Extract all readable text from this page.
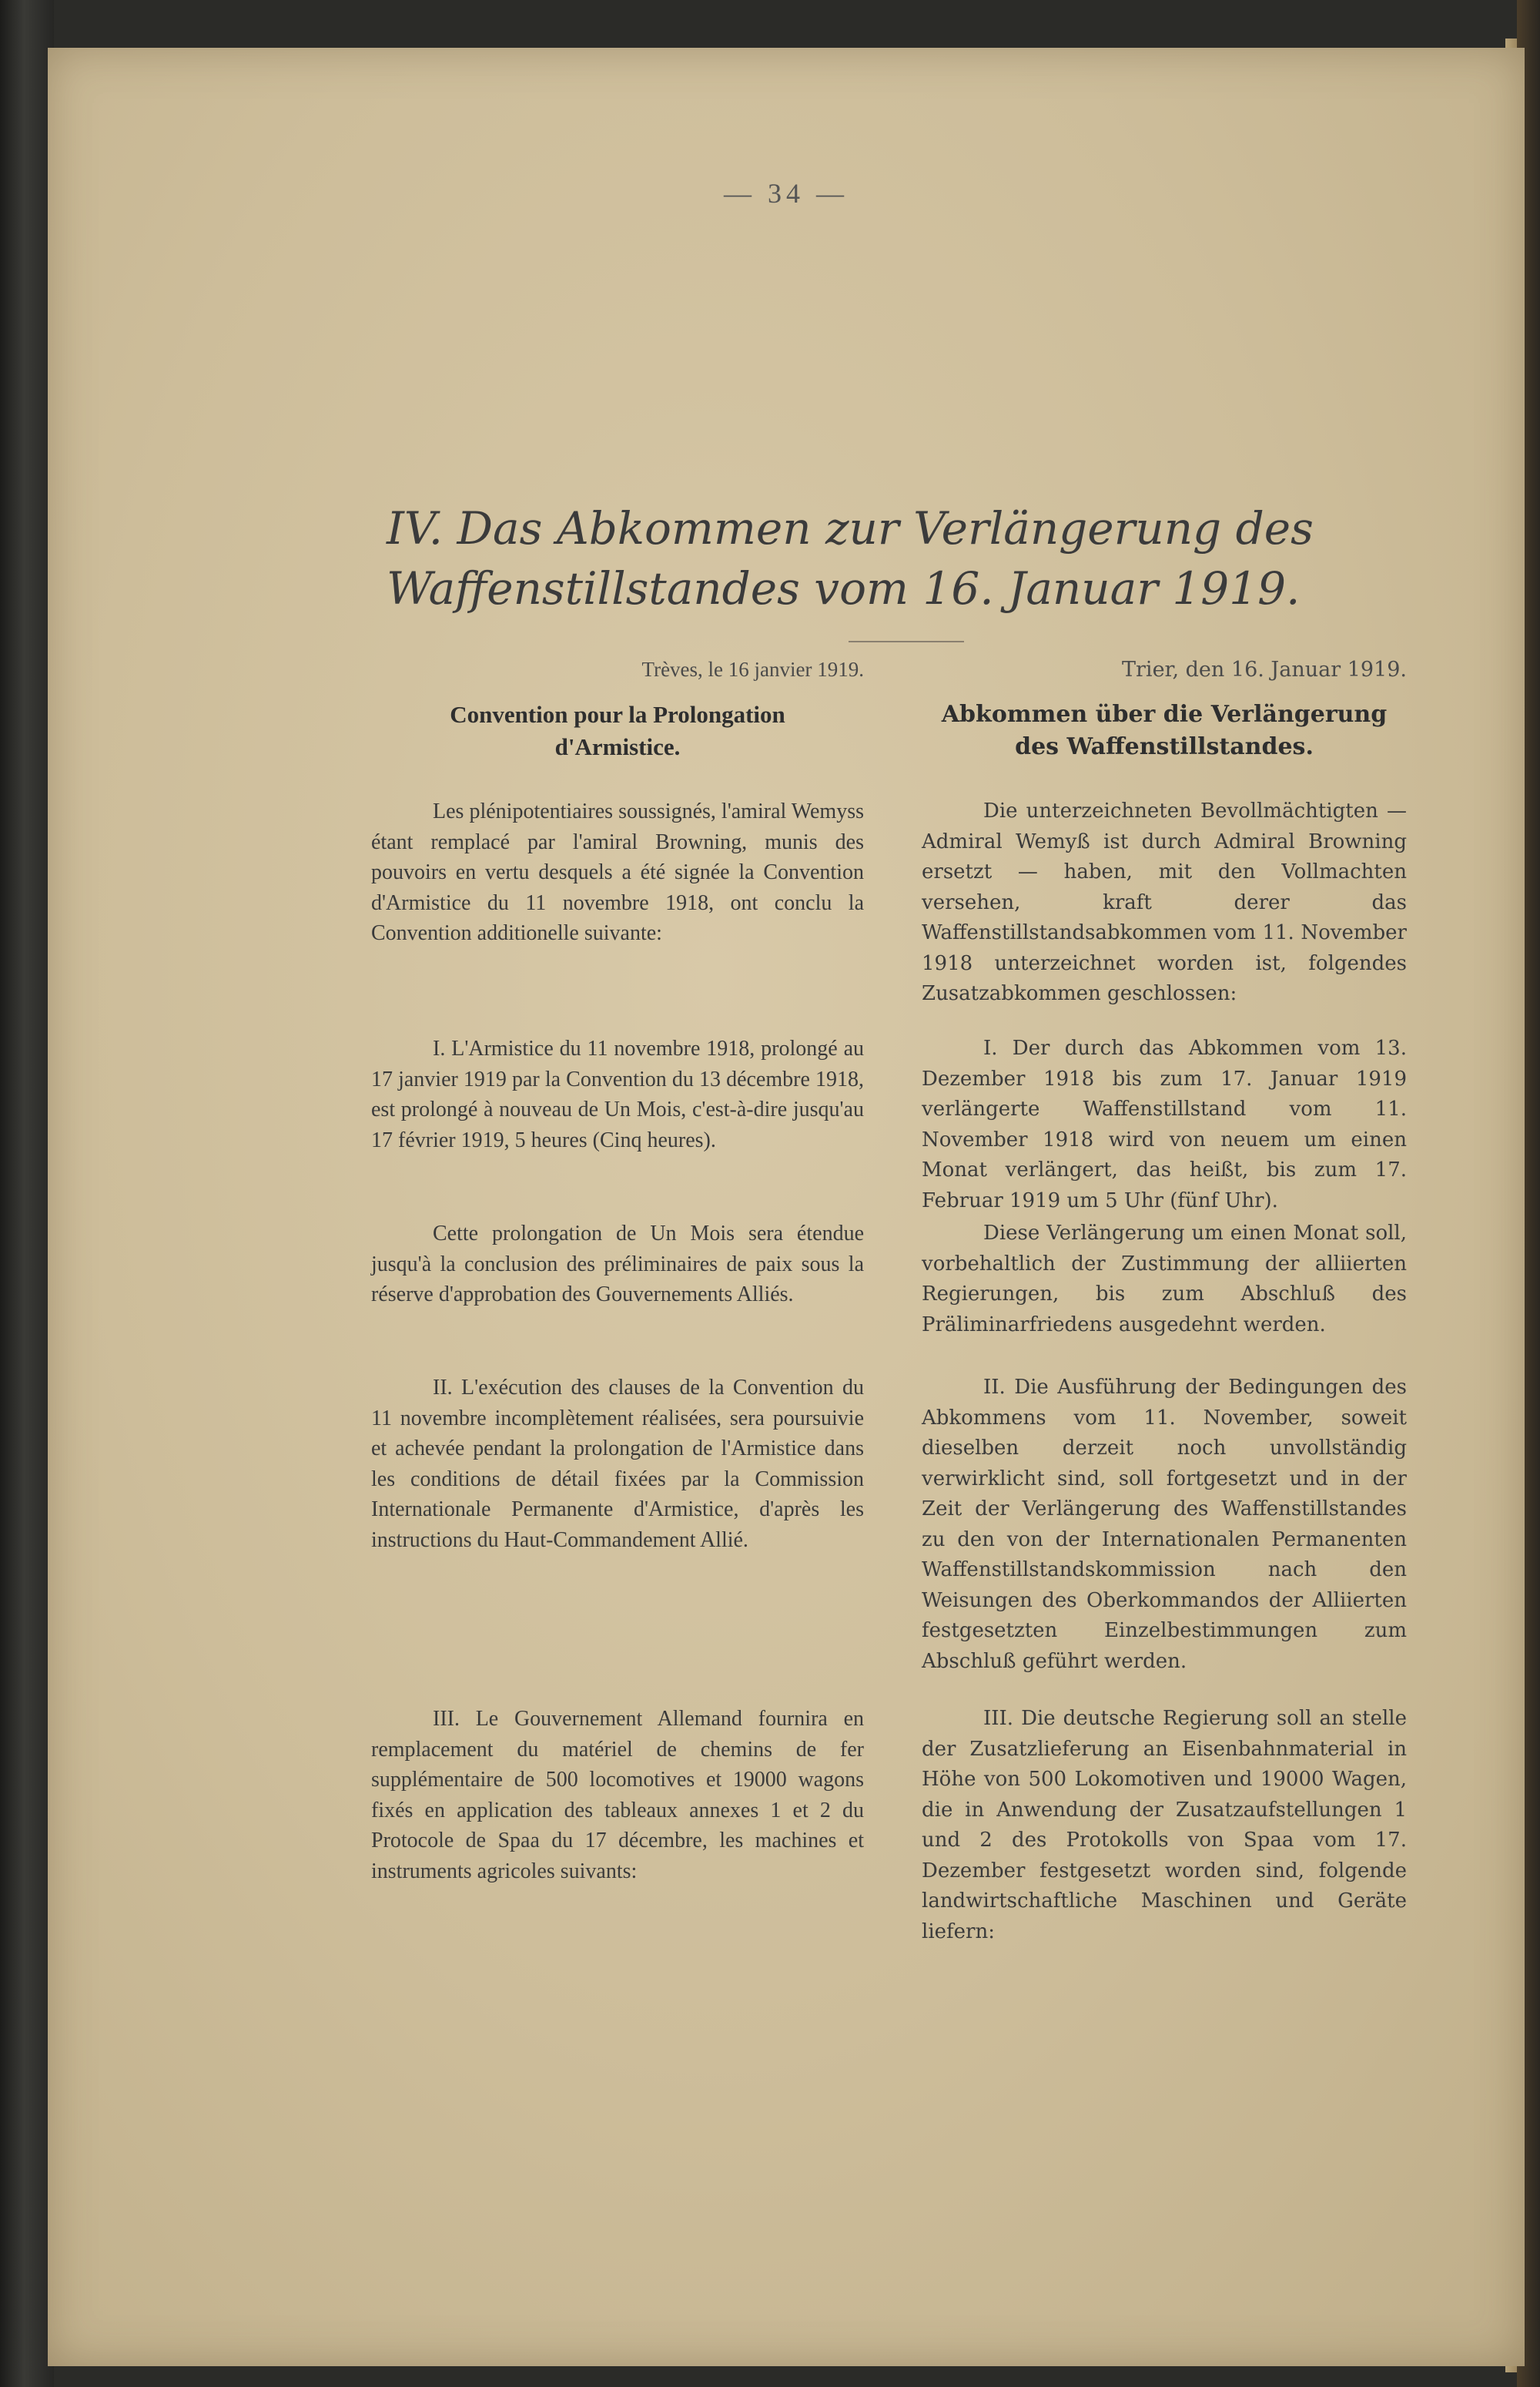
— 34 —
IV. Das Abkommen zur Verlängerung des Waffenstillstandes vom 16. Januar 1919.
Trèves, le 16 janvier 1919.
Convention pour la Prolongation d'Armistice.
Les plénipotentiaires soussignés, l'amiral Wemyss étant remplacé par l'amiral Browning, munis des pouvoirs en vertu desquels a été signée la Convention d'Armistice du 11 novembre 1918, ont conclu la Convention additionelle suivante:
I. L'Armistice du 11 novembre 1918, prolongé au 17 janvier 1919 par la Convention du 13 décembre 1918, est prolongé à nouveau de Un Mois, c'est-à-dire jusqu'au 17 février 1919, 5 heures (Cinq heures).
Cette prolongation de Un Mois sera étendue jusqu'à la conclusion des préliminaires de paix sous la réserve d'approbation des Gouvernements Alliés.
II. L'exécution des clauses de la Convention du 11 novembre incomplètement réalisées, sera poursuivie et achevée pendant la prolongation de l'Armistice dans les conditions de détail fixées par la Commission Internationale Permanente d'Armistice, d'après les instructions du Haut-Commandement Allié.
III. Le Gouvernement Allemand fournira en remplacement du matériel de chemins de fer supplémentaire de 500 locomotives et 19000 wagons fixés en application des tableaux annexes 1 et 2 du Protocole de Spaa du 17 décembre, les machines et instruments agricoles suivants:
Trier, den 16. Januar 1919.
Abkommen über die Verlängerung des Waffenstillstandes.
Die unterzeichneten Bevollmächtigten — Admiral Wemyß ist durch Admiral Browning ersetzt — haben, mit den Vollmachten versehen, kraft derer das Waffenstillstandsabkommen vom 11. November 1918 unterzeichnet worden ist, folgendes Zusatzabkommen geschlossen:
I. Der durch das Abkommen vom 13. Dezember 1918 bis zum 17. Januar 1919 verlängerte Waffenstillstand vom 11. November 1918 wird von neuem um einen Monat verlängert, das heißt, bis zum 17. Februar 1919 um 5 Uhr (fünf Uhr).
Diese Verlängerung um einen Monat soll, vorbehaltlich der Zustimmung der alliierten Regierungen, bis zum Abschluß des Präliminarfriedens ausgedehnt werden.
II. Die Ausführung der Bedingungen des Abkommens vom 11. November, soweit dieselben derzeit noch unvollständig verwirklicht sind, soll fortgesetzt und in der Zeit der Verlängerung des Waffenstillstandes zu den von der Internationalen Permanenten Waffenstillstandskommission nach den Weisungen des Oberkommandos der Alliierten festgesetzten Einzelbestimmungen zum Abschluß geführt werden.
III. Die deutsche Regierung soll an stelle der Zusatzlieferung an Eisenbahnmaterial in Höhe von 500 Lokomotiven und 19000 Wagen, die in Anwendung der Zusatzaufstellungen 1 und 2 des Protokolls von Spaa vom 17. Dezember festgesetzt worden sind, folgende landwirtschaftliche Maschinen und Geräte liefern:
